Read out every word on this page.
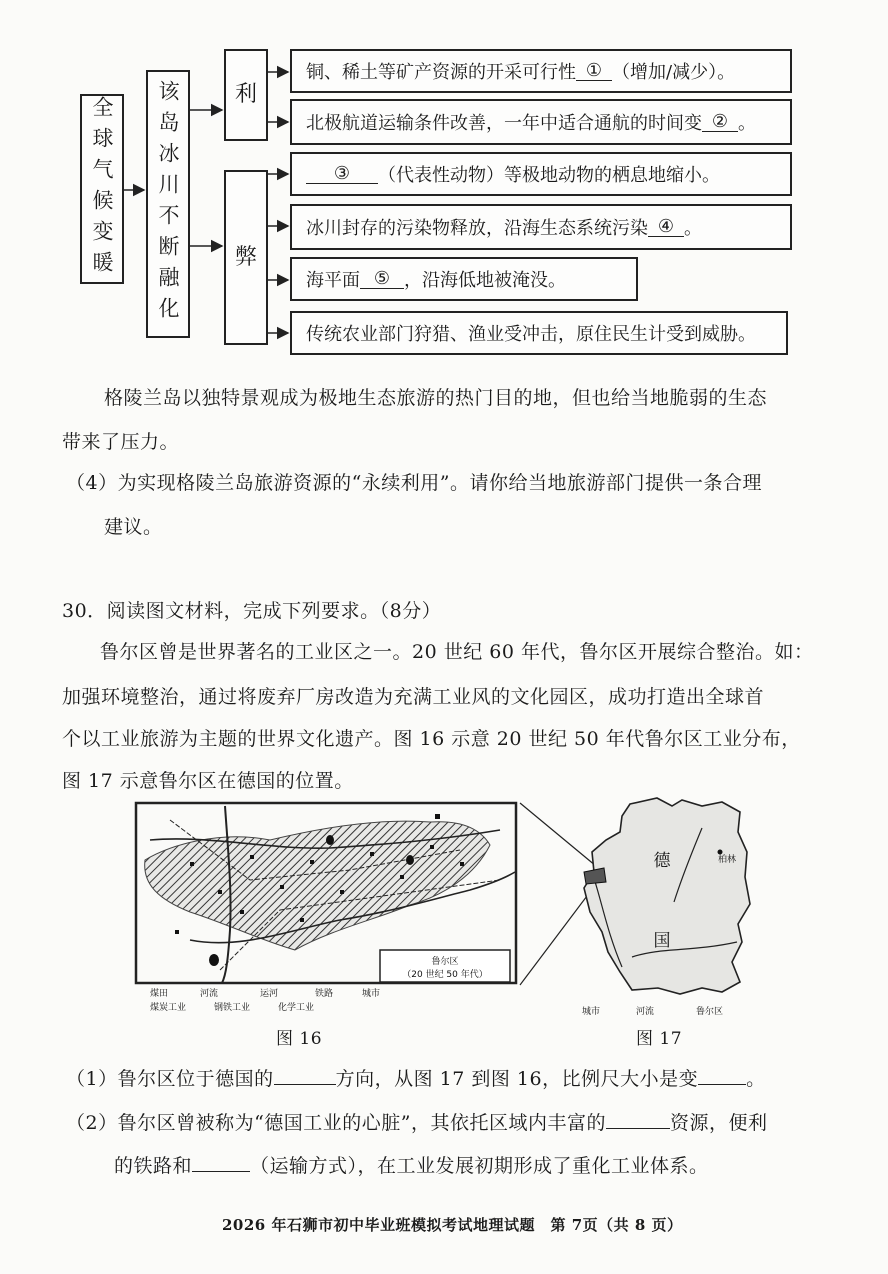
全球气候变暖 该岛冰川不断融化 利
弊
铜、稀土等矿产资源的开采可行性 ① （增加/减少）。
北极航道运输条件改善，一年中适合通航的时间变 ② 。
③	（代表性动物）等极地动物的栖息地缩小。
冰川封存的污染物释放，沿海生态系统污染 ④ 。
海平面 ⑤ ，沿海低地被淹没。
传统农业部门狩猎、渔业受冲击，原住民生计受到威胁。
格陵兰岛以独特景观成为极地生态旅游的热门目的地，但也给当地脆弱的生态
带来了压力。
（4）为实现格陵兰岛旅游资源的“永续利用”。请你给当地旅游部门提供一条合理
建议。
30．阅读图文材料，完成下列要求。（8分）
鲁尔区曾是世界著名的工业区之一。20 世纪 60 年代，鲁尔区开展综合整治。如：
加强环境整治，通过将废弃厂房改造为充满工业风的文化园区，成功打造出全球首
个以工业旅游为主题的世界文化遗产。图 16 示意 20 世纪 50 年代鲁尔区工业分布，
图 17 示意鲁尔区在德国的位置。
鲁尔区
（20 世纪 50 年代）
煤田	河流	运河	铁路	城市
煤炭工业	钢铁工业	化学工业
图 16
德
国
柏林
城市	河流	鲁尔区
图 17
（1）鲁尔区位于德国的	方向，从图 17 到图 16，比例尺大小是变	。
（2）鲁尔区曾被称为“德国工业的心脏”，其依托区域内丰富的	资源，便利
的铁路和	（运输方式），在工业发展初期形成了重化工业体系。
2026 年石狮市初中毕业班模拟考试地理试题　第 7页（共 8 页）
